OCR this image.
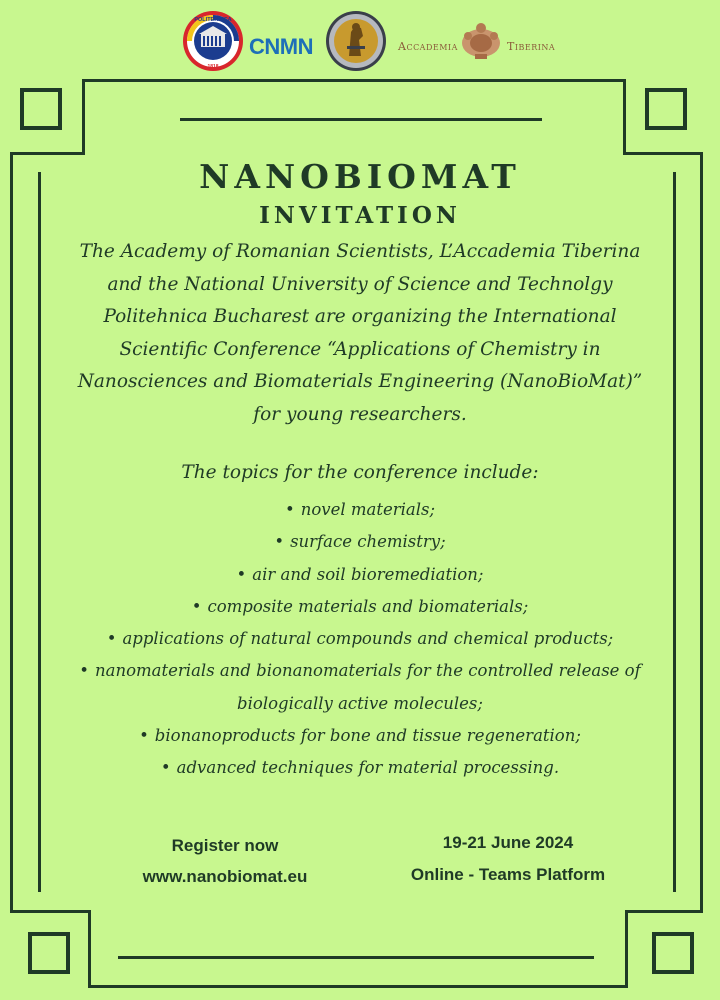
POLITEHNICA
1818
CNMN	Accademia	Tiberina
NANOBIOMAT
INVITATION

The Academy of Romanian Scientists, L’Accademia Tiberina and the National University of Science and Technolgy Politehnica Bucharest are organizing the International Scientific Conference “Applications of Chemistry in Nanosciences and Biomaterials Engineering (NanoBioMat)” for young researchers.

The topics for the conference include:
• novel materials;
• surface chemistry;
• air and soil bioremediation;
• composite materials and biomaterials;
• applications of natural compounds and chemical products;
• nanomaterials and bionanomaterials for the controlled release of biologically active molecules;
• bionanoproducts for bone and tissue regeneration;
• advanced techniques for material processing.
Register now
www.nanobiomat.eu
19-21 June 2024
Online - Teams Platform
